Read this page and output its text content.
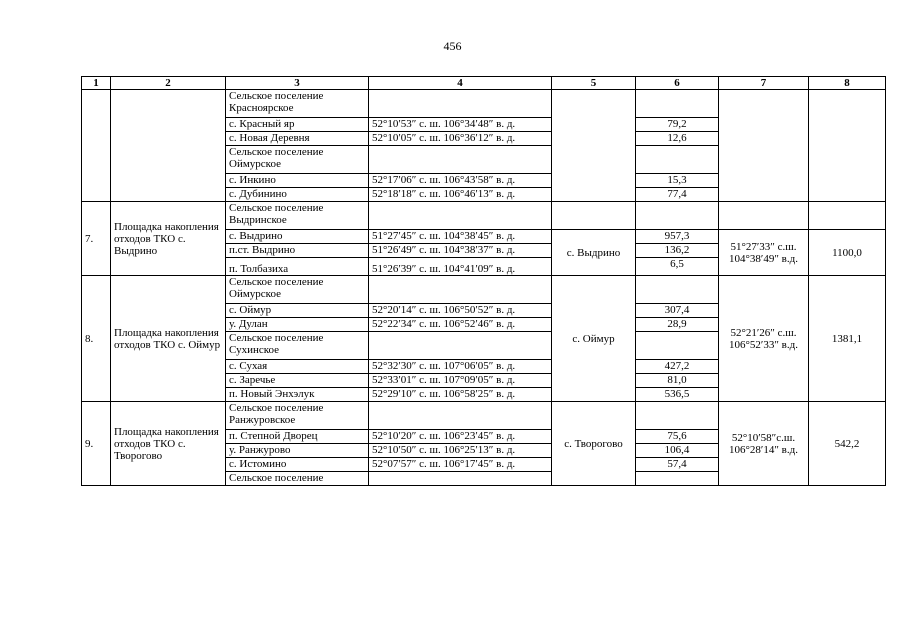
456
1	2	3	4	5	6	7	8
		Сельское поселение Красноярское					
		с. Красный яр	52°10′53″ с. ш. 106°34′48″ в. д.		79,2		
		с. Новая Деревня	52°10′05″ с. ш. 106°36′12″ в. д.		12,6		
		Сельское поселение Оймурское					
		с. Инкино	52°17′06″ с. ш. 106°43′58″ в. д.		15,3		
		с. Дубинино	52°18′18″ с. ш. 106°46′13″ в. д.		77,4		
7.	Площадка накопления отходов ТКО с. Выдрино	Сельское поселение Выдринское					
		с. Выдрино	51°27′45″ с. ш. 104°38′45″ в. д.	с. Выдрино	957,3	51°27′33″ с.ш. 104°38′49″ в.д.	1100,0
		п.ст. Выдрино	51°26′49″ с. ш. 104°38′37″ в. д.		136,2		
		п. Толбазиха	51°26′39″ с. ш. 104°41′09″ в. д.		6,5		
8.	Площадка накопления отходов ТКО с. Оймур	Сельское поселение Оймурское		с. Оймур		52°21′26″ с.ш. 106°52′33″ в.д.	1381,1
		с. Оймур	52°20′14″ с. ш. 106°50′52″ в. д.		307,4		
		у. Дулан	52°22′34″ с. ш. 106°52′46″ в. д.		28,9		
		Сельское поселение Сухинское					
		с. Сухая	52°32′30″ с. ш. 107°06′05″ в. д.		427,2		
		с. Заречье	52°33′01″ с. ш. 107°09′05″ в. д.		81,0		
		п. Новый Энхэлук	52°29′10″ с. ш. 106°58′25″ в. д.		536,5		
9.	Площадка накопления отходов ТКО с. Творогово	Сельское поселение Ранжуровское		с. Творогово		52°10′58″с.ш. 106°28′14″ в.д.	542,2
		п. Степной Дворец	52°10′20″ с. ш. 106°23′45″ в. д.		75,6		
		у. Ранжурово	52°10′50″ с. ш. 106°25′13″ в. д.		106,4		
		с. Истомино	52°07′57″ с. ш. 106°17′45″ в. д.		57,4		
		Сельское поселение					
